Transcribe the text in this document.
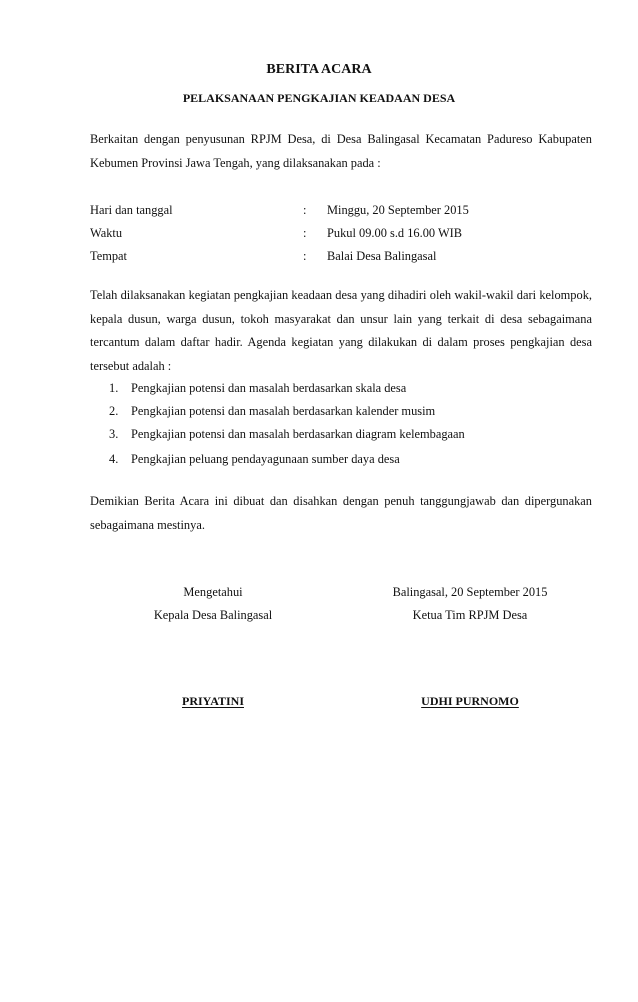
BERITA ACARA
PELAKSANAAN PENGKAJIAN KEADAAN DESA

Berkaitan dengan penyusunan RPJM Desa, di Desa Balingasal Kecamatan Padureso Kabupaten Kebumen Provinsi Jawa Tengah, yang dilaksanakan pada :

Hari dan tanggal	: Minggu, 20 September 2015
Waktu	: Pukul 09.00 s.d 16.00 WIB
Tempat	: Balai Desa Balingasal

Telah dilaksanakan kegiatan pengkajian keadaan desa yang dihadiri oleh wakil-wakil dari kelompok, kepala dusun, warga dusun, tokoh masyarakat dan unsur lain yang terkait di desa sebagaimana tercantum dalam daftar hadir. Agenda kegiatan yang dilakukan di dalam proses pengkajian desa tersebut adalah :

1. Pengkajian potensi dan masalah berdasarkan skala desa
2. Pengkajian potensi dan masalah berdasarkan kalender musim
3. Pengkajian potensi dan masalah berdasarkan diagram kelembagaan
4. Pengkajian peluang pendayagunaan sumber daya desa

Demikian Berita Acara ini dibuat dan disahkan dengan penuh tanggungjawab dan dipergunakan sebagaimana mestinya.

Mengetahui
Kepala Desa Balingasal
Balingasal, 20 September 2015
Ketua Tim RPJM Desa
PRIYATINI	UDHI PURNOMO
